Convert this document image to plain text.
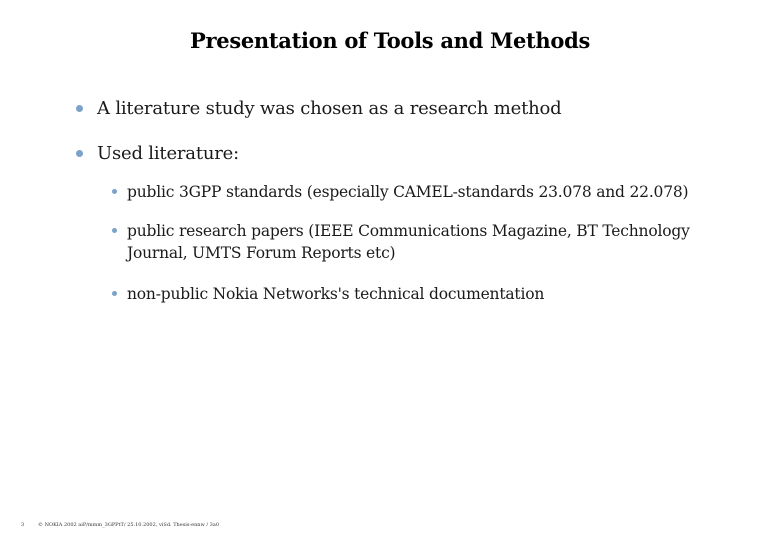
Presentation of Tools and Methods
A literature study was chosen as a research method
Used literature:
public 3GPP standards (especially CAMEL-standards 23.078 and 22.078)
public research papers (IEEE Communications Magazine, BT Technology Journal, UMTS Forum Reports etc)
non-public Nokia Networks's technical documentation
3	© NOKIA 2002 aiP/mmm_3GPPtT/ 25.10.2002, viSd. Thesis-ennw / 3a0
